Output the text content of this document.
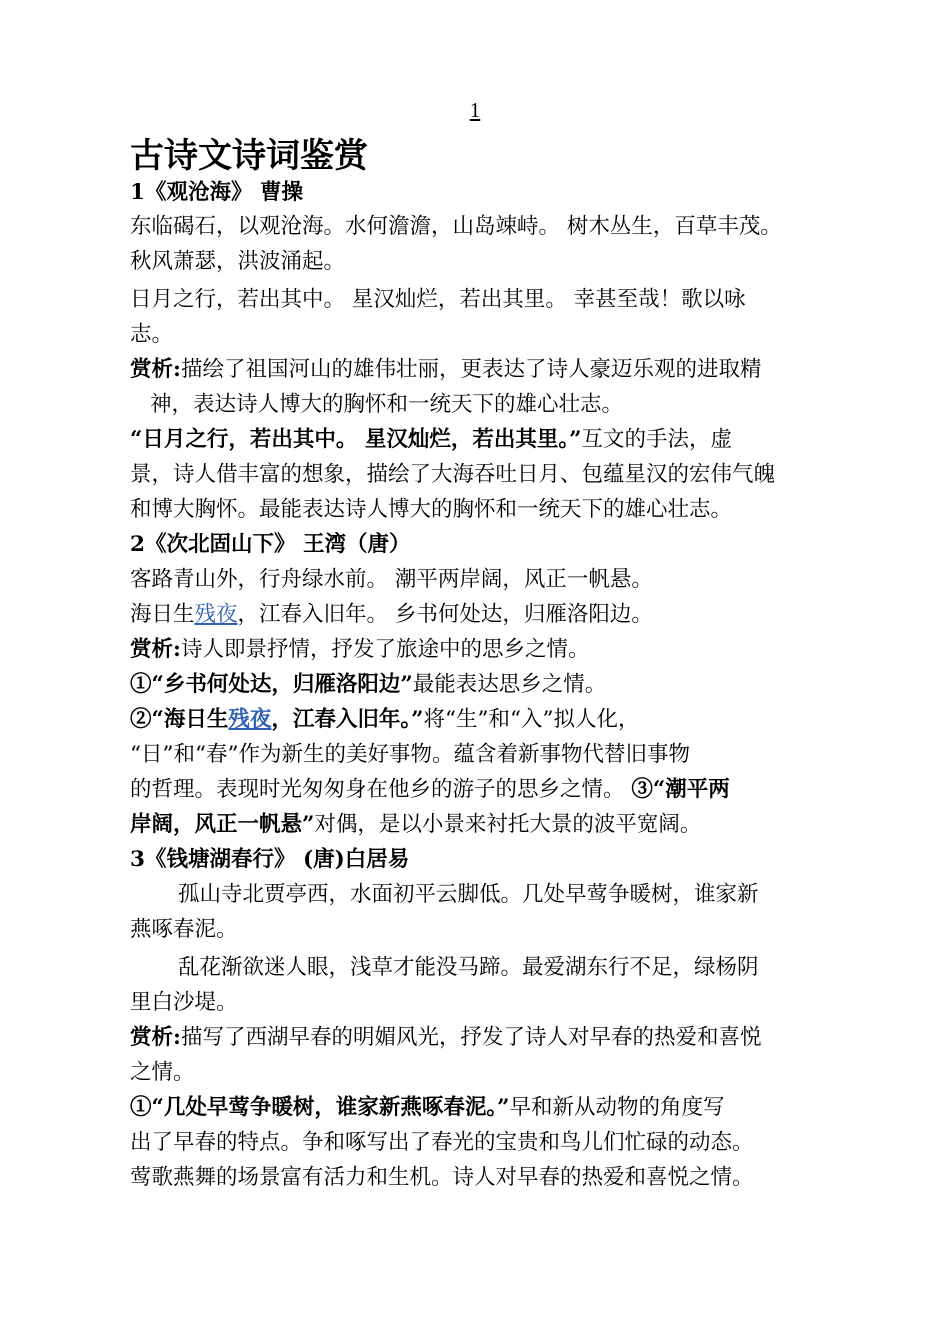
1
古诗文诗词鉴赏
1《观沧海》 曹操
东临碣石，以观沧海。水何澹澹，山岛竦峙。 树木丛生，百草丰茂。
秋风萧瑟，洪波涌起。
日月之行，若出其中。 星汉灿烂，若出其里。 幸甚至哉！歌以咏
志。
赏析:描绘了祖国河山的雄伟壮丽，更表达了诗人豪迈乐观的进取精
神，表达诗人博大的胸怀和一统天下的雄心壮志。
“日月之行，若出其中。 星汉灿烂，若出其里。”互文的手法，虚
景，诗人借丰富的想象，描绘了大海吞吐日月、包蕴星汉的宏伟气魄
和博大胸怀。最能表达诗人博大的胸怀和一统天下的雄心壮志。
2《次北固山下》 王湾（唐）
客路青山外，行舟绿水前。 潮平两岸阔，风正一帆悬。
海日生残夜，江春入旧年。 乡书何处达，归雁洛阳边。
赏析:诗人即景抒情，抒发了旅途中的思乡之情。
①“乡书何处达，归雁洛阳边”最能表达思乡之情。
②“海日生残夜，江春入旧年。”将“生”和“入”拟人化，
“日”和“春”作为新生的美好事物。蕴含着新事物代替旧事物
的哲理。表现时光匆匆身在他乡的游子的思乡之情。 ③“潮平两
岸阔，风正一帆悬”对偶，是以小景来衬托大景的波平宽阔。
3《钱塘湖春行》 (唐)白居易
孤山寺北贾亭西，水面初平云脚低。几处早莺争暖树，谁家新
燕啄春泥。
乱花渐欲迷人眼，浅草才能没马蹄。最爱湖东行不足，绿杨阴
里白沙堤。
赏析:描写了西湖早春的明媚风光，抒发了诗人对早春的热爱和喜悦
之情。
①“几处早莺争暖树，谁家新燕啄春泥。”早和新从动物的角度写
出了早春的特点。争和啄写出了春光的宝贵和鸟儿们忙碌的动态。
莺歌燕舞的场景富有活力和生机。诗人对早春的热爱和喜悦之情。
